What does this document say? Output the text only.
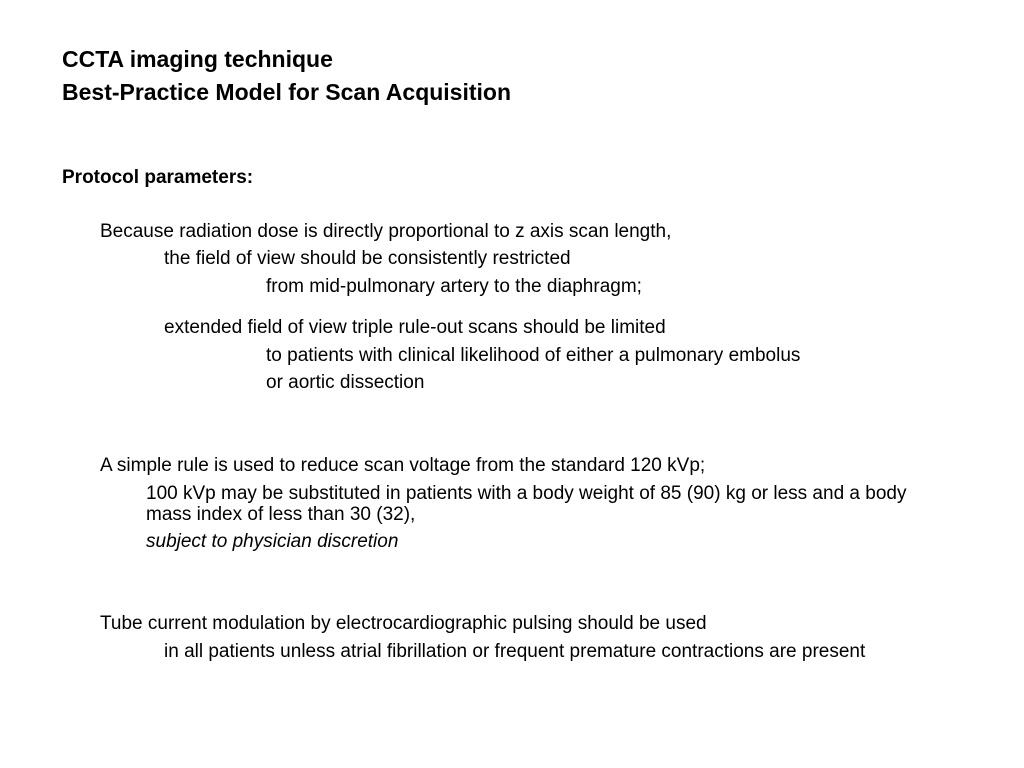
CCTA imaging technique
Best-Practice Model for Scan Acquisition
Protocol parameters:

Because radiation dose is directly proportional to z axis scan length,

the field of view should be consistently restricted

from mid-pulmonary artery to the diaphragm;

extended field of view triple rule-out scans should be limited

to patients with clinical likelihood of either a pulmonary embolus

or aortic dissection

A simple rule is used to reduce scan voltage from the standard 120 kVp;

100 kVp may be substituted in patients with a body weight of 85 (90) kg or less and a body mass index of less than 30 (32),

subject to physician discretion

Tube current modulation by electrocardiographic pulsing should be used

in all patients unless atrial fibrillation or frequent premature contractions are present
